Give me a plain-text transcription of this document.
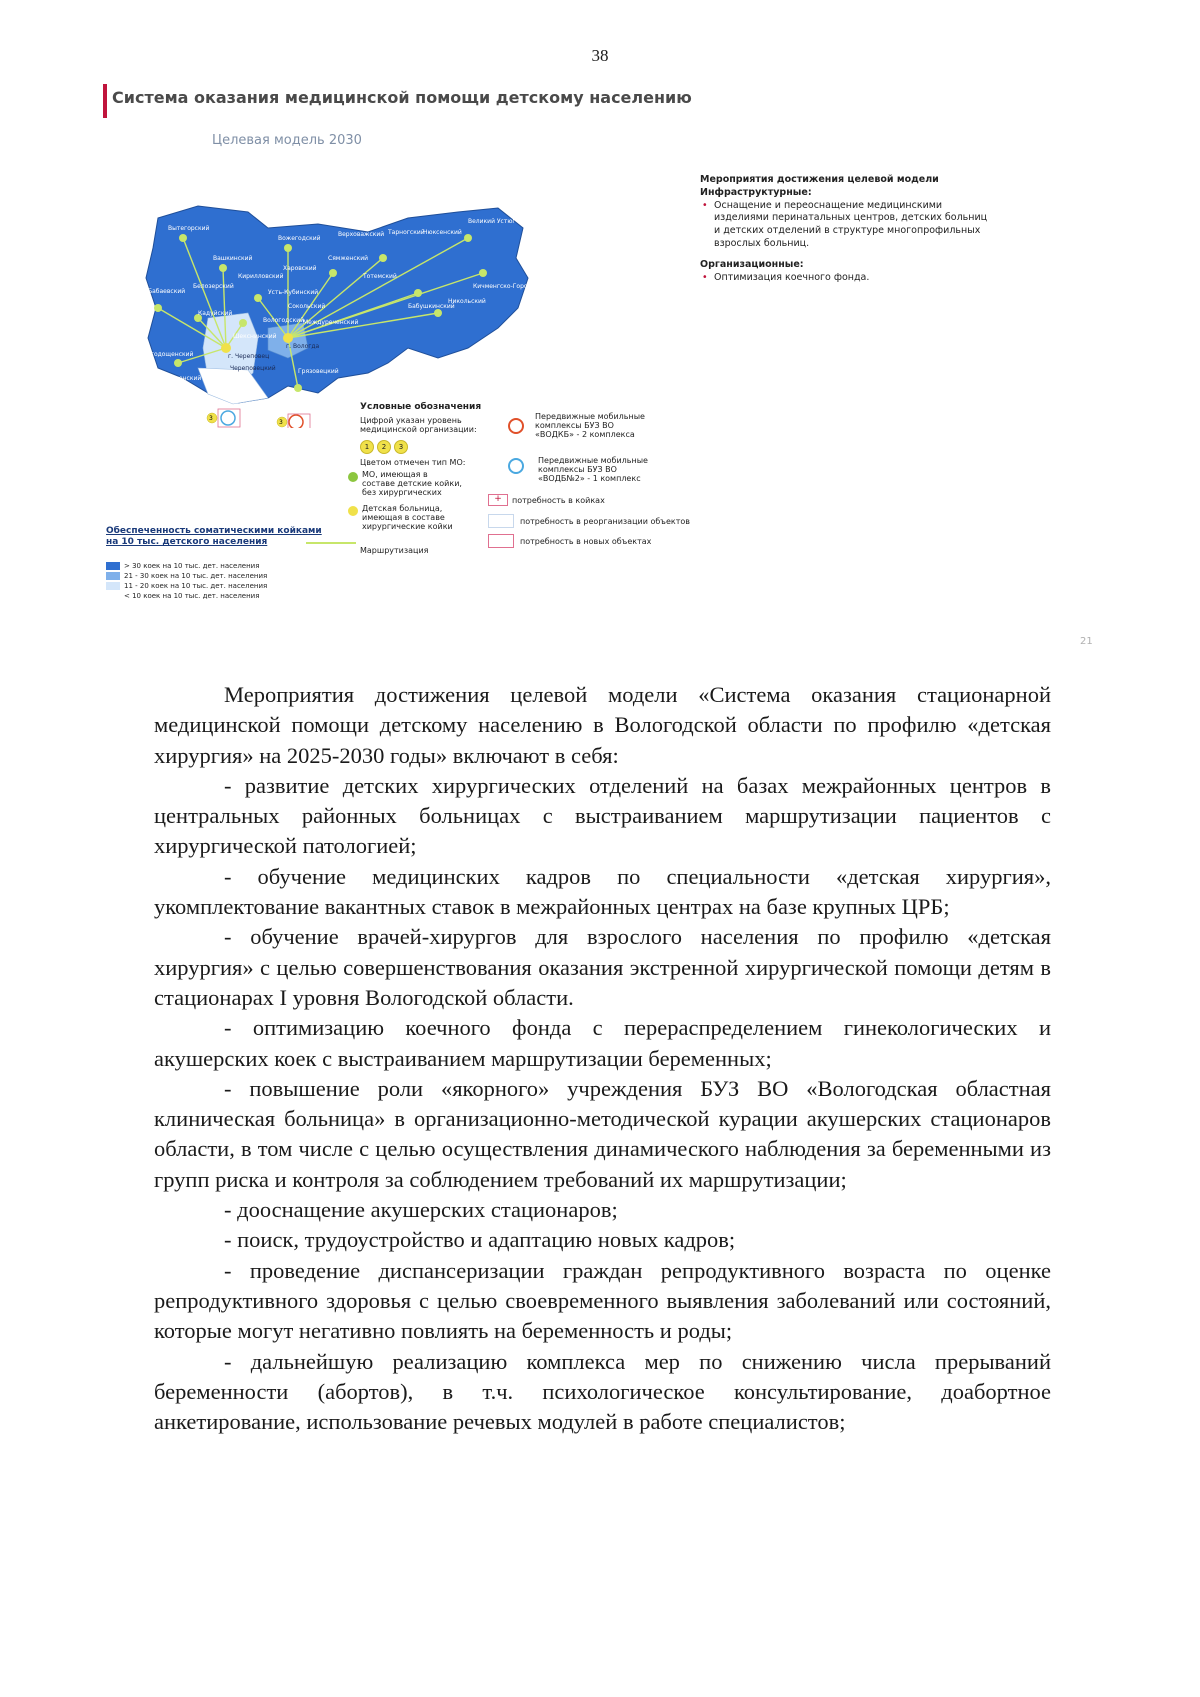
38
Система оказания медицинской помощи детскому населению
Целевая модель 2030
Вытегорский
Вашкинский
Вожегодский
Верховажский Тарногский
Нюксенский
Великий Устюг
Бабаевский
Белозерский
Кирилловский
Харовский
Сямженский
Тотемский
Кичменгско-Городецкий
Усть-Кубинский
Сокольский	Бабушкинский
Никольский
Кадуйский
Вологодский Междуреченский
Шекснинский
Чагодощенский	г. Череповец
Череповецкий
г. Вологда
Устюженский
Грязовецкий
3
3
Мероприятия достижения целевой модели
Инфраструктурные:
• Оснащение и переоснащение медицинскими изделиями перинатальных центров, детских больниц и детских отделений в структуре многопрофильных взрослых больниц.
Организационные:
• Оптимизация коечного фонда.
Условные обозначения
Цифрой указан уровень медицинской организации:
1	2	3
Цветом отмечен тип МО:
МО, имеющая в составе детские койки, без хирургических
Детская больница, имеющая в составе хирургические койки
Маршрутизация
Передвижные мобильные комплексы БУЗ ВО «ВОДКБ» - 2 комплекса
Передвижные мобильные комплексы БУЗ ВО «ВОДБ№2» - 1 комплекс
+	потребность в койках
потребность в реорганизации объектов
потребность в новых объектах
Обеспеченность соматическими койками на 10 тыс. детского населения
> 30 коек на 10 тыс. дет. населения
21 - 30 коек на 10 тыс. дет. населения
11 - 20 коек на 10 тыс. дет. населения
< 10 коек на 10 тыс. дет. населения
21

Мероприятия достижения целевой модели «Система оказания стационарной медицинской помощи детскому населению в Вологодской области по профилю «детская хирургия» на 2025-2030 годы» включают в себя:

- развитие детских хирургических отделений на базах межрайонных центров в центральных районных больницах с выстраиванием маршрутизации пациентов с хирургической патологией;

- обучение медицинских кадров по специальности «детская хирургия», укомплектование вакантных ставок в межрайонных центрах на базе крупных ЦРБ;

- обучение врачей-хирургов для взрослого населения по профилю «детская хирургия» с целью совершенствования оказания экстренной хирургической помощи детям в стационарах I уровня Вологодской области.

- оптимизацию коечного фонда с перераспределением гинекологических и акушерских коек с выстраиванием маршрутизации беременных;

- повышение роли «якорного» учреждения БУЗ ВО «Вологодская областная клиническая больница» в организационно-методической курации акушерских стационаров области, в том числе с целью осуществления динамического наблюдения за беременными из групп риска и контроля за соблюдением требований их маршрутизации;

- дооснащение акушерских стационаров;

- поиск, трудоустройство и адаптацию новых кадров;

- проведение диспансеризации граждан репродуктивного возраста по оценке репродуктивного здоровья с целью своевременного выявления заболеваний или состояний, которые могут негативно повлиять на беременность и роды;

- дальнейшую реализацию комплекса мер по снижению числа прерываний беременности (абортов), в т.ч. психологическое консультирование, доабортное анкетирование, использование речевых модулей в работе специалистов;
